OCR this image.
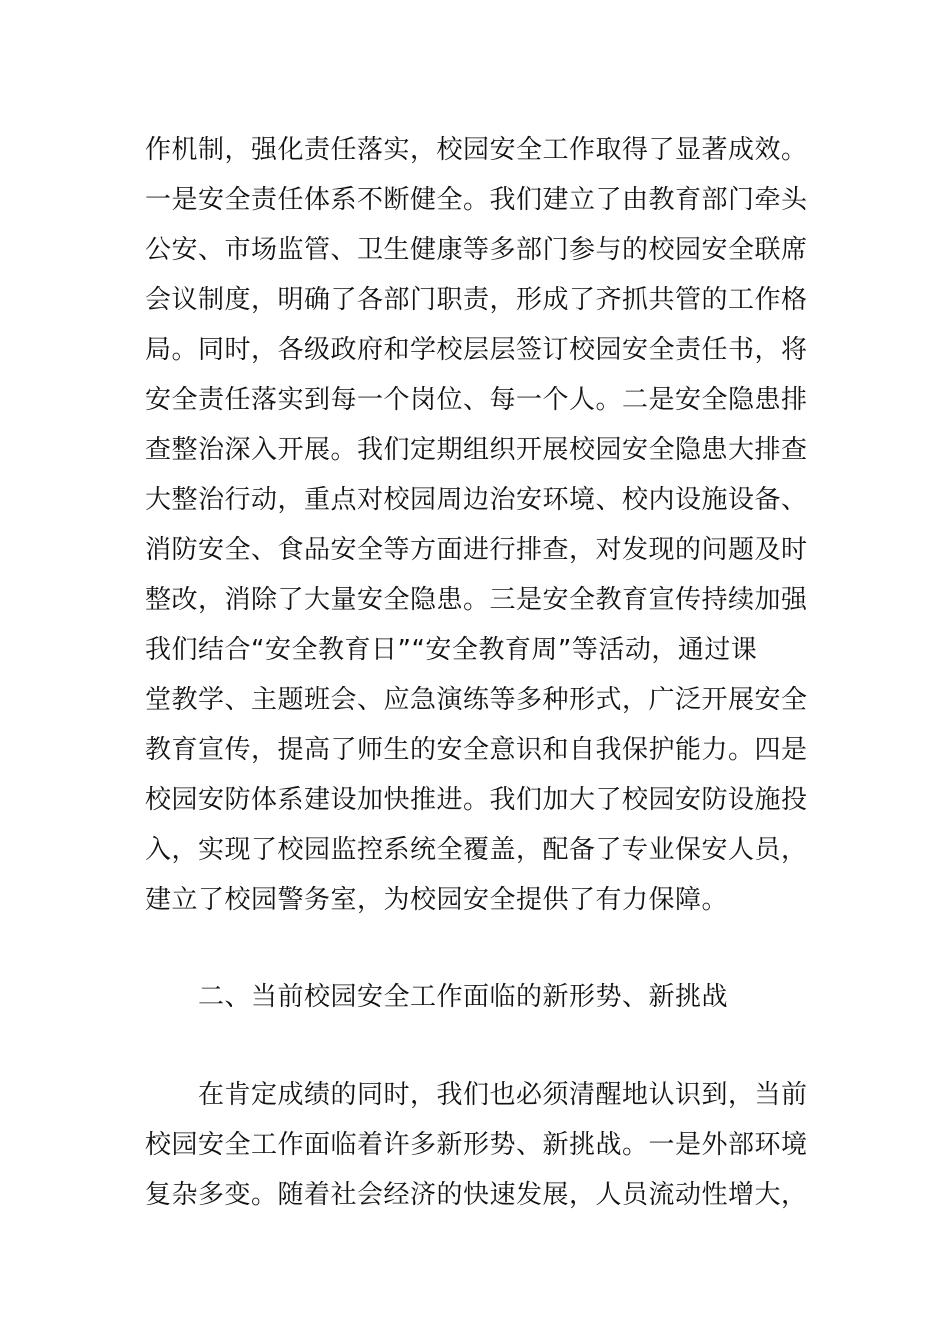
作机制，强化责任落实，校园安全工作取得了显著成效。
一是安全责任体系不断健全。我们建立了由教育部门牵头
公安、市场监管、卫生健康等多部门参与的校园安全联席
会议制度，明确了各部门职责，形成了齐抓共管的工作格
局。同时，各级政府和学校层层签订校园安全责任书，将
安全责任落实到每一个岗位、每一个人。二是安全隐患排
查整治深入开展。我们定期组织开展校园安全隐患大排查
大整治行动，重点对校园周边治安环境、校内设施设备、
消防安全、食品安全等方面进行排查，对发现的问题及时
整改，消除了大量安全隐患。三是安全教育宣传持续加强
我们结合“安全教育日”“安全教育周”等活动，通过课
堂教学、主题班会、应急演练等多种形式，广泛开展安全
教育宣传，提高了师生的安全意识和自我保护能力。四是
校园安防体系建设加快推进。我们加大了校园安防设施投
入，实现了校园监控系统全覆盖，配备了专业保安人员，
建立了校园警务室，为校园安全提供了有力保障。
二、当前校园安全工作面临的新形势、新挑战
在肯定成绩的同时，我们也必须清醒地认识到，当前
校园安全工作面临着许多新形势、新挑战。一是外部环境
复杂多变。随着社会经济的快速发展，人员流动性增大，
